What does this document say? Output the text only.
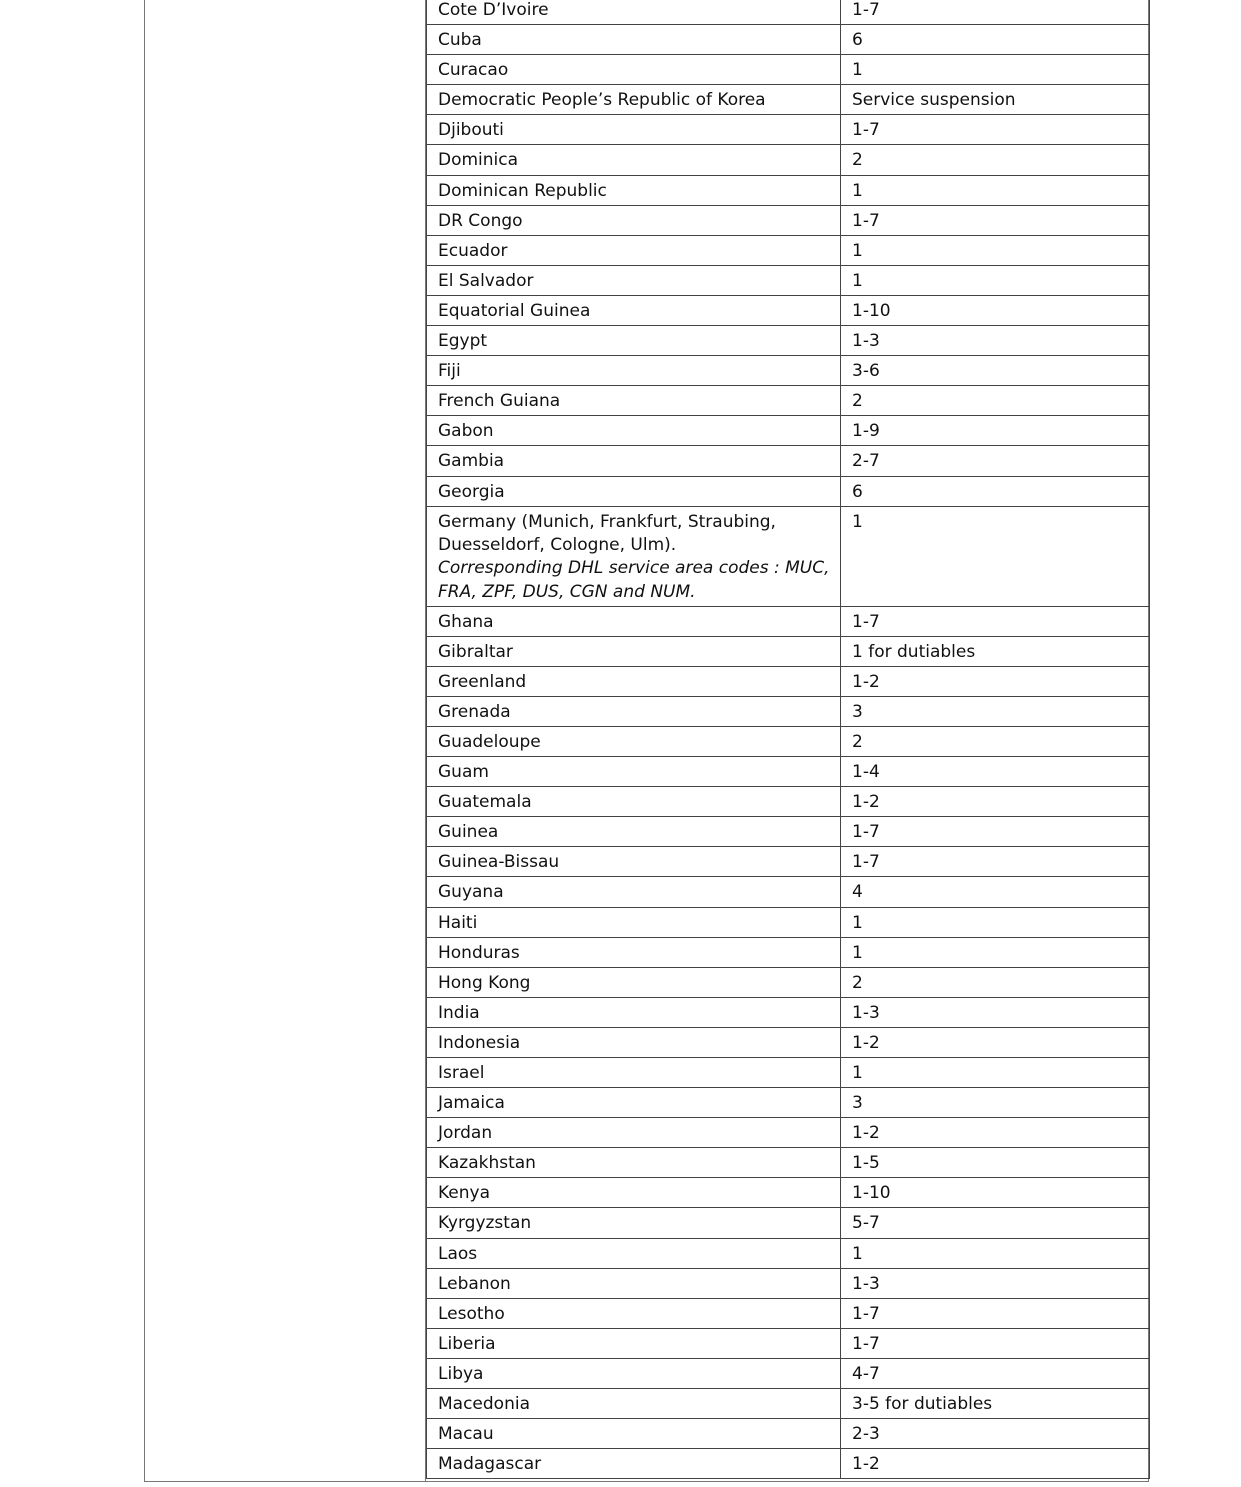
Cote D’Ivoire	1-7
Cuba	6
Curacao	1
Democratic People’s Republic of Korea	Service suspension
Djibouti	1-7
Dominica	2
Dominican Republic	1
DR Congo	1-7
Ecuador	1
El Salvador	1
Equatorial Guinea	1-10
Egypt	1-3
Fiji	3-6
French Guiana	2
Gabon	1-9
Gambia	2-7
Georgia	6
Germany (Munich, Frankfurt, Straubing, Duesseldorf, Cologne, Ulm).
Corresponding DHL service area codes : MUC, FRA, ZPF, DUS, CGN and NUM.	1
Ghana	1-7
Gibraltar	1 for dutiables
Greenland	1-2
Grenada	3
Guadeloupe	2
Guam	1-4
Guatemala	1-2
Guinea	1-7
Guinea-Bissau	1-7
Guyana	4
Haiti	1
Honduras	1
Hong Kong	2
India	1-3
Indonesia	1-2
Israel	1
Jamaica	3
Jordan	1-2
Kazakhstan	1-5
Kenya	1-10
Kyrgyzstan	5-7
Laos	1
Lebanon	1-3
Lesotho	1-7
Liberia	1-7
Libya	4-7
Macedonia	3-5 for dutiables
Macau	2-3
Madagascar	1-2
